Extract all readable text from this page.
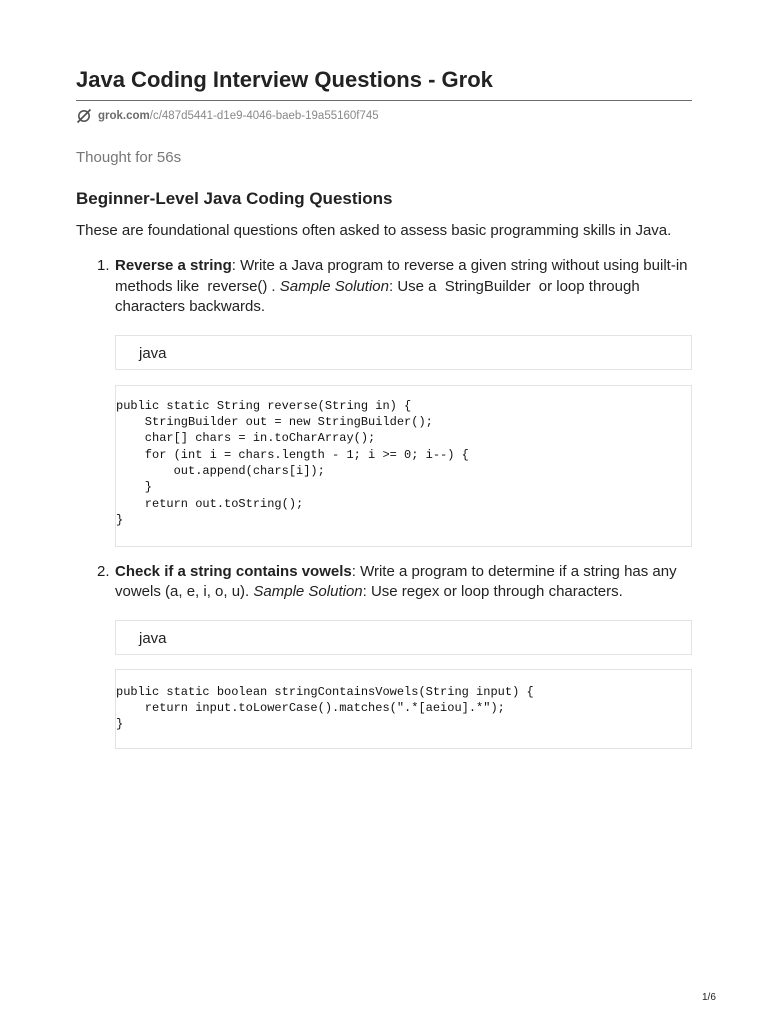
Java Coding Interview Questions - Grok
grok.com /c/487d5441-d1e9-4046-baeb-19a55160f745
Thought for 56s
Beginner-Level Java Coding Questions

These are foundational questions often asked to assess basic programming skills in Java.

1. Reverse a string: Write a Java program to reverse a given string without using built-in methods like reverse() . Sample Solution: Use a StringBuilder or loop through characters backwards.
java
public static String reverse(String in) {
StringBuilder out = new StringBuilder();
char[] chars = in.toCharArray();
for (int i = chars.length - 1; i >= 0; i--) {
out.append(chars[i]);
}
return out.toString();
}
2. Check if a string contains vowels: Write a program to determine if a string has any vowels (a, e, i, o, u). Sample Solution: Use regex or loop through characters.
java
public static boolean stringContainsVowels(String input) {
return input.toLowerCase().matches(".*[aeiou].*");
}
1/6
